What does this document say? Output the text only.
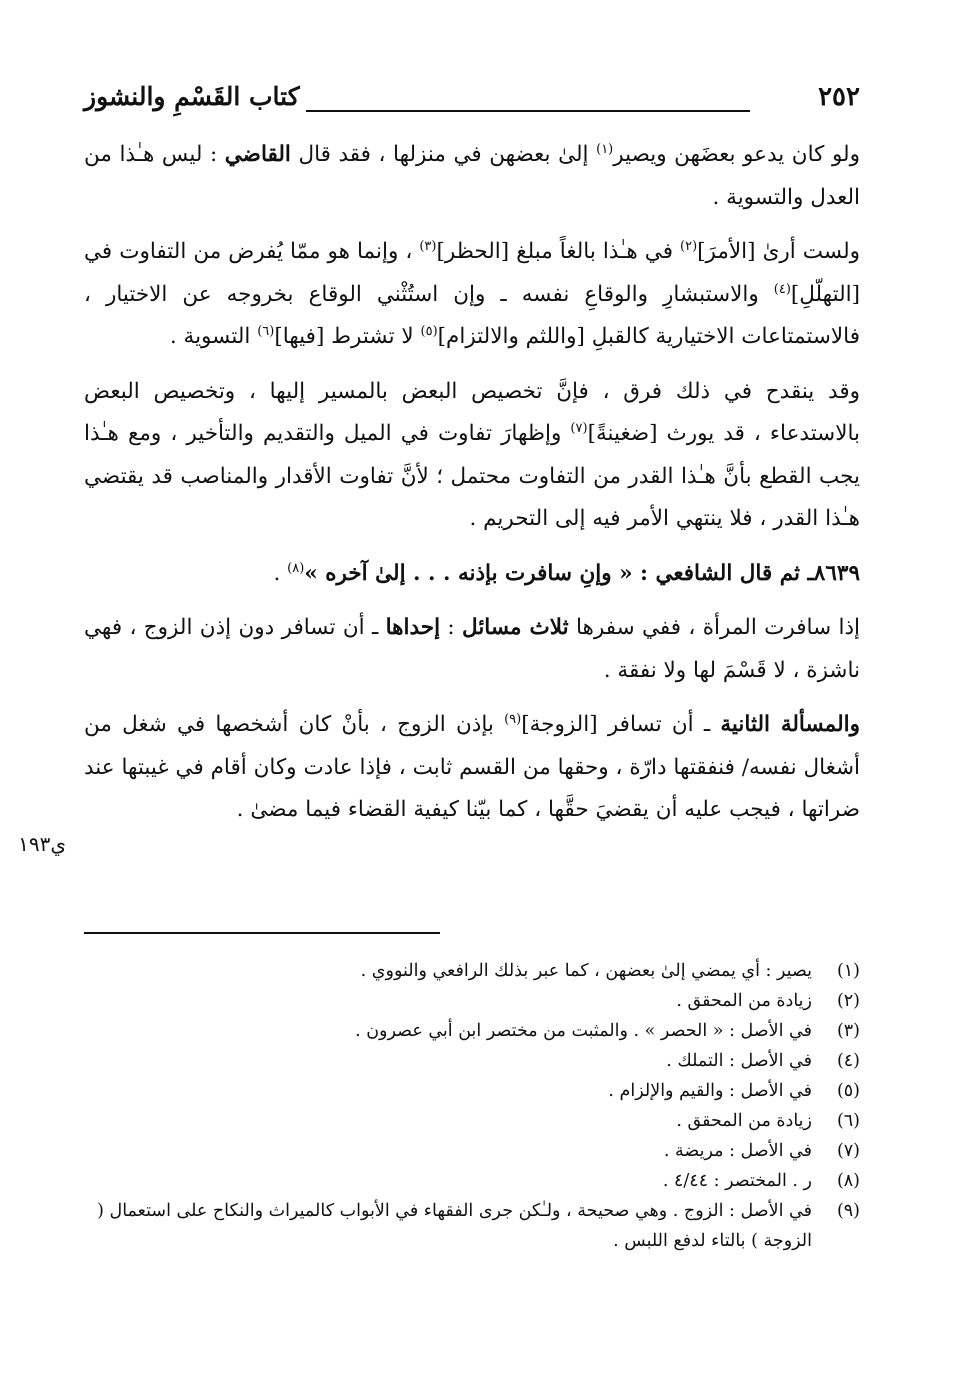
٢٥٢
كتاب القَسْمِ والنشوز

ولو كان يدعو بعضَهن ويصير$^{(١)}$ إلىٰ بعضهن في منزلها ، فقد قال القاضي : ليس هـٰذا من العدل والتسوية .

ولست أرىٰ [الأمرَ]$^{(٢)}$ في هـٰذا بالغاً مبلغ [الحظر]$^{(٣)}$ ، وإنما هو ممّا يُفرض من التفاوت في [التهلّلِ]$^{(٤)}$ والاستبشارِ والوقاعِ نفسه ـ وإن استُثْني الوقاع بخروجه عن الاختيار ، فالاستمتاعات الاختيارية كالقبلِ [واللثم والالتزام]$^{(٥)}$ لا تشترط [فيها]$^{(٦)}$ التسوية .

وقد ينقدح في ذلك فرق ، فإنَّ تخصيص البعض بالمسير إليها ، وتخصيص البعض بالاستدعاء ، قد يورث [ضغينةً]$^{(٧)}$ وإظهارَ تفاوت في الميل والتقديم والتأخير ، ومع هـٰذا يجب القطع بأنَّ هـٰذا القدر من التفاوت محتمل ؛ لأنَّ تفاوت الأقدار والمناصب قد يقتضي هـٰذا القدر ، فلا ينتهي الأمر فيه إلى التحريم .

٨٦٣٩ـ ثم قال الشافعي : « وإنِ سافرت بإذنه . . . إلىٰ آخره »$^{(٨)}$ .

إذا سافرت المرأة ، ففي سفرها ثلاث مسائل : إحداها ـ أن تسافر دون إذن الزوج ، فهي ناشزة ، لا قَسْمَ لها ولا نفقة .

والمسألة الثانية ـ أن تسافر [الزوجة]$^{(٩)}$ بإذن الزوج ، بأنْ كان أشخصها في شغل من أشغال نفسه/ فنفقتها دارّة ، وحقها من القسم ثابت ، فإذا عادت وكان أقام في غيبتها عند ضراتها ، فيجب عليه أن يقضيَ حقَّها ، كما بيّنا كيفية القضاء فيما مضىٰ .

ي١٩٣
(١)
يصير : أي يمضي إلىٰ بعضهن ، كما عبر بذلك الرافعي والنووي .
(٢)
زيادة من المحقق .
(٣)
في الأصل : « الحصر » . والمثبت من مختصر ابن أبي عصرون .
(٤)
في الأصل : التملك .
(٥)
في الأصل : والقيم والإلزام .
(٦)
زيادة من المحقق .
(٧)
في الأصل : مريضة .
(٨)
ر . المختصر : ٤/٤٤ .
(٩)
في الأصل : الزوج . وهي صحيحة ، ولـٰكن جرى الفقهاء في الأبواب كالميراث والنكاح على استعمال ( الزوجة ) بالتاء لدفع اللبس .
